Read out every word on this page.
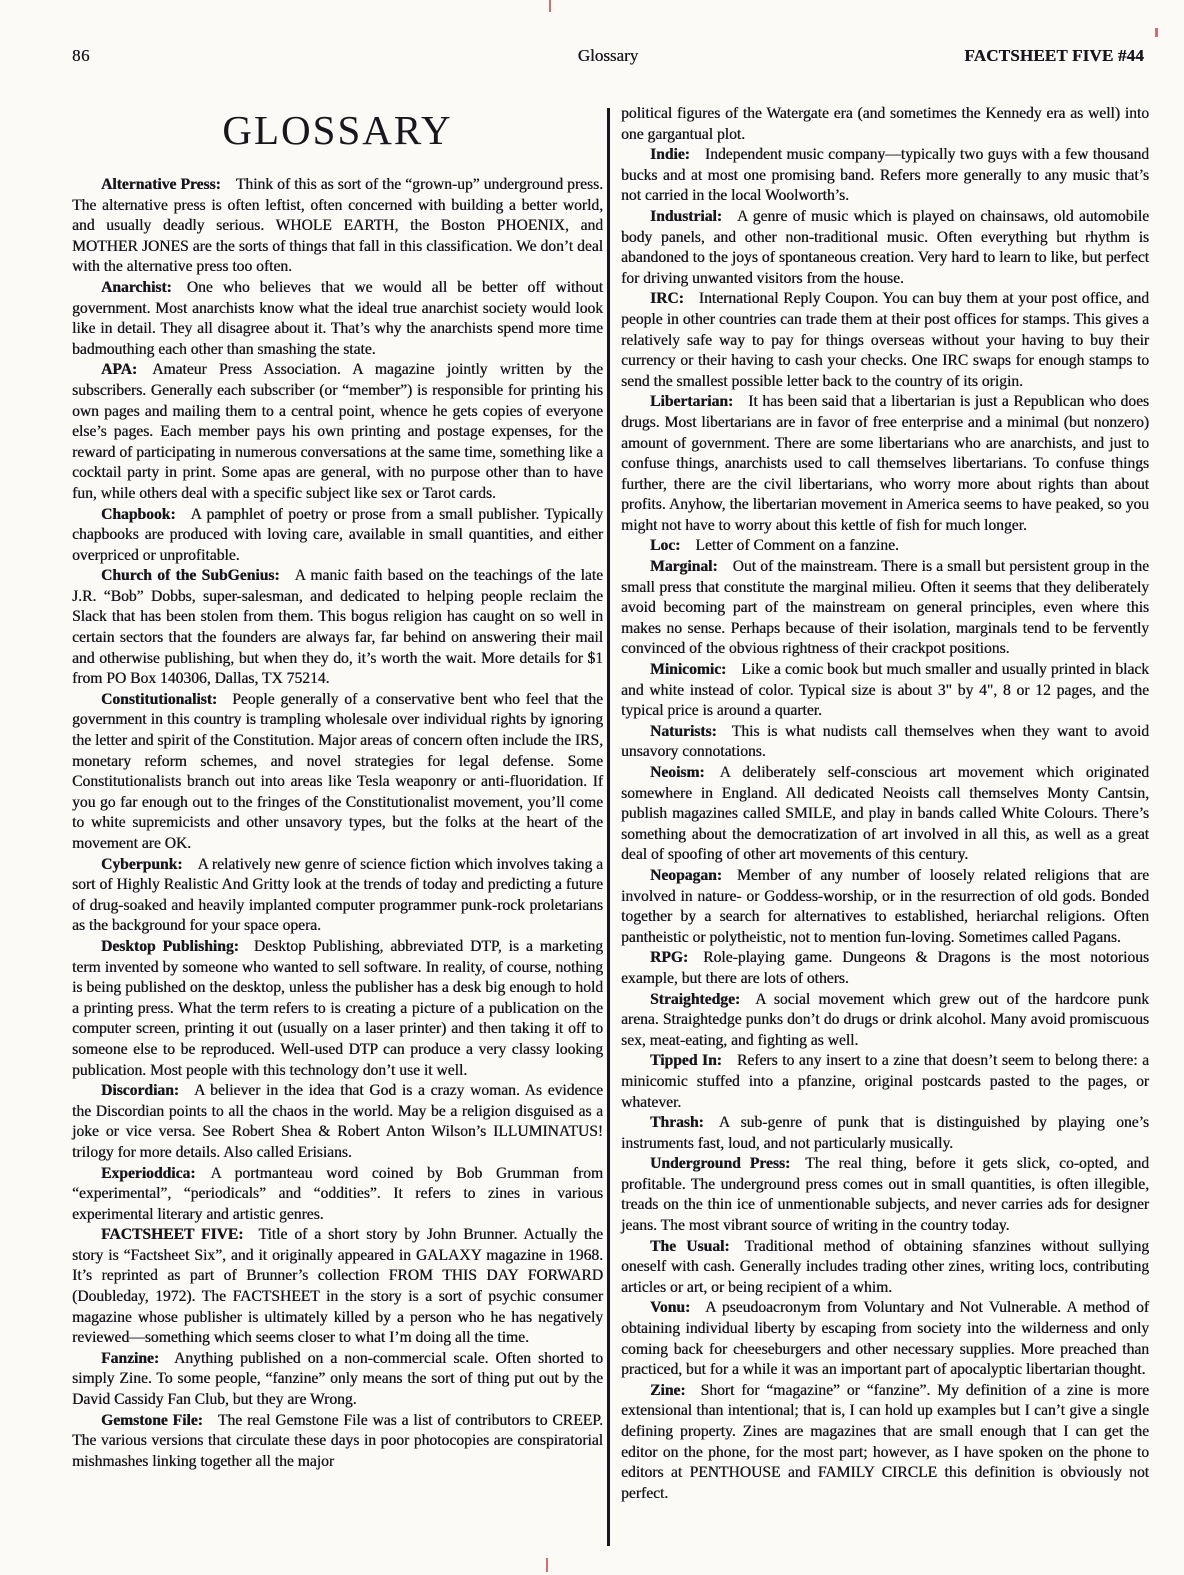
86	Glossary	FACTSHEET FIVE #44
GLOSSARY

Alternative Press: Think of this as sort of the “grown-up” underground press. The alternative press is often leftist, often concerned with building a better world, and usually deadly serious. WHOLE EARTH, the Boston PHOENIX, and MOTHER JONES are the sorts of things that fall in this classification. We don’t deal with the alternative press too often.

Anarchist: One who believes that we would all be better off without government. Most anarchists know what the ideal true anarchist society would look like in detail. They all disagree about it. That’s why the anarchists spend more time badmouthing each other than smashing the state.

APA: Amateur Press Association. A magazine jointly written by the subscribers. Generally each subscriber (or “member”) is responsible for printing his own pages and mailing them to a central point, whence he gets copies of everyone else’s pages. Each member pays his own printing and postage expenses, for the reward of participating in numerous conversations at the same time, something like a cocktail party in print. Some apas are general, with no purpose other than to have fun, while others deal with a specific subject like sex or Tarot cards.

Chapbook: A pamphlet of poetry or prose from a small publisher. Typically chapbooks are produced with loving care, available in small quantities, and either overpriced or unprofitable.

Church of the SubGenius: A manic faith based on the teachings of the late J.R. “Bob” Dobbs, super-salesman, and dedicated to helping people reclaim the Slack that has been stolen from them. This bogus religion has caught on so well in certain sectors that the founders are always far, far behind on answering their mail and otherwise publishing, but when they do, it’s worth the wait. More details for $1 from PO Box 140306, Dallas, TX 75214.

Constitutionalist: People generally of a conservative bent who feel that the government in this country is trampling wholesale over individual rights by ignoring the letter and spirit of the Constitution. Major areas of concern often include the IRS, monetary reform schemes, and novel strategies for legal defense. Some Constitutionalists branch out into areas like Tesla weaponry or anti-fluoridation. If you go far enough out to the fringes of the Constitutionalist movement, you’ll come to white supremicists and other unsavory types, but the folks at the heart of the movement are OK.

Cyberpunk: A relatively new genre of science fiction which involves taking a sort of Highly Realistic And Gritty look at the trends of today and predicting a future of drug-soaked and heavily implanted computer programmer punk-rock proletarians as the background for your space opera.

Desktop Publishing: Desktop Publishing, abbreviated DTP, is a marketing term invented by someone who wanted to sell software. In reality, of course, nothing is being published on the desktop, unless the publisher has a desk big enough to hold a printing press. What the term refers to is creating a picture of a publication on the computer screen, printing it out (usually on a laser printer) and then taking it off to someone else to be reproduced. Well-used DTP can produce a very classy looking publication. Most people with this technology don’t use it well.

Discordian: A believer in the idea that God is a crazy woman. As evidence the Discordian points to all the chaos in the world. May be a religion disguised as a joke or vice versa. See Robert Shea & Robert Anton Wilson’s ILLUMINATUS! trilogy for more details. Also called Erisians.

Experioddica: A portmanteau word coined by Bob Grumman from “experimental”, “periodicals” and “oddities”. It refers to zines in various experimental literary and artistic genres.

FACTSHEET FIVE: Title of a short story by John Brunner. Actually the story is “Factsheet Six”, and it originally appeared in GALAXY magazine in 1968. It’s reprinted as part of Brunner’s collection FROM THIS DAY FORWARD (Doubleday, 1972). The FACTSHEET in the story is a sort of psychic consumer magazine whose publisher is ultimately killed by a person who he has negatively reviewed—something which seems closer to what I’m doing all the time.

Fanzine: Anything published on a non-commercial scale. Often shorted to simply Zine. To some people, “fanzine” only means the sort of thing put out by the David Cassidy Fan Club, but they are Wrong.

Gemstone File: The real Gemstone File was a list of contributors to CREEP. The various versions that circulate these days in poor photocopies are conspiratorial mishmashes linking together all the major

political figures of the Watergate era (and sometimes the Kennedy era as well) into one gargantual plot.

Indie: Independent music company—typically two guys with a few thousand bucks and at most one promising band. Refers more generally to any music that’s not carried in the local Woolworth’s.

Industrial: A genre of music which is played on chainsaws, old automobile body panels, and other non-traditional music. Often everything but rhythm is abandoned to the joys of spontaneous creation. Very hard to learn to like, but perfect for driving unwanted visitors from the house.

IRC: International Reply Coupon. You can buy them at your post office, and people in other countries can trade them at their post offices for stamps. This gives a relatively safe way to pay for things overseas without your having to buy their currency or their having to cash your checks. One IRC swaps for enough stamps to send the smallest possible letter back to the country of its origin.

Libertarian: It has been said that a libertarian is just a Republican who does drugs. Most libertarians are in favor of free enterprise and a minimal (but nonzero) amount of government. There are some libertarians who are anarchists, and just to confuse things, anarchists used to call themselves libertarians. To confuse things further, there are the civil libertarians, who worry more about rights than about profits. Anyhow, the libertarian movement in America seems to have peaked, so you might not have to worry about this kettle of fish for much longer.

Loc: Letter of Comment on a fanzine.

Marginal: Out of the mainstream. There is a small but persistent group in the small press that constitute the marginal milieu. Often it seems that they deliberately avoid becoming part of the mainstream on general principles, even where this makes no sense. Perhaps because of their isolation, marginals tend to be fervently convinced of the obvious rightness of their crackpot positions.

Minicomic: Like a comic book but much smaller and usually printed in black and white instead of color. Typical size is about 3" by 4", 8 or 12 pages, and the typical price is around a quarter.

Naturists: This is what nudists call themselves when they want to avoid unsavory connotations.

Neoism: A deliberately self-conscious art movement which originated somewhere in England. All dedicated Neoists call themselves Monty Cantsin, publish magazines called SMILE, and play in bands called White Colours. There’s something about the democratization of art involved in all this, as well as a great deal of spoofing of other art movements of this century.

Neopagan: Member of any number of loosely related religions that are involved in nature- or Goddess-worship, or in the resurrection of old gods. Bonded together by a search for alternatives to established, heriarchal religions. Often pantheistic or polytheistic, not to mention fun-loving. Sometimes called Pagans.

RPG: Role-playing game. Dungeons & Dragons is the most notorious example, but there are lots of others.

Straightedge: A social movement which grew out of the hardcore punk arena. Straightedge punks don’t do drugs or drink alcohol. Many avoid promiscuous sex, meat-eating, and fighting as well.

Tipped In: Refers to any insert to a zine that doesn’t seem to belong there: a minicomic stuffed into a pfanzine, original postcards pasted to the pages, or whatever.

Thrash: A sub-genre of punk that is distinguished by playing one’s instruments fast, loud, and not particularly musically.

Underground Press: The real thing, before it gets slick, co-opted, and profitable. The underground press comes out in small quantities, is often illegible, treads on the thin ice of unmentionable subjects, and never carries ads for designer jeans. The most vibrant source of writing in the country today.

The Usual: Traditional method of obtaining sfanzines without sullying oneself with cash. Generally includes trading other zines, writing locs, contributing articles or art, or being recipient of a whim.

Vonu: A pseudoacronym from Voluntary and Not Vulnerable. A method of obtaining individual liberty by escaping from society into the wilderness and only coming back for cheeseburgers and other necessary supplies. More preached than practiced, but for a while it was an important part of apocalyptic libertarian thought.

Zine: Short for “magazine” or “fanzine”. My definition of a zine is more extensional than intentional; that is, I can hold up examples but I can’t give a single defining property. Zines are magazines that are small enough that I can get the editor on the phone, for the most part; however, as I have spoken on the phone to editors at PENTHOUSE and FAMILY CIRCLE this definition is obviously not perfect.
